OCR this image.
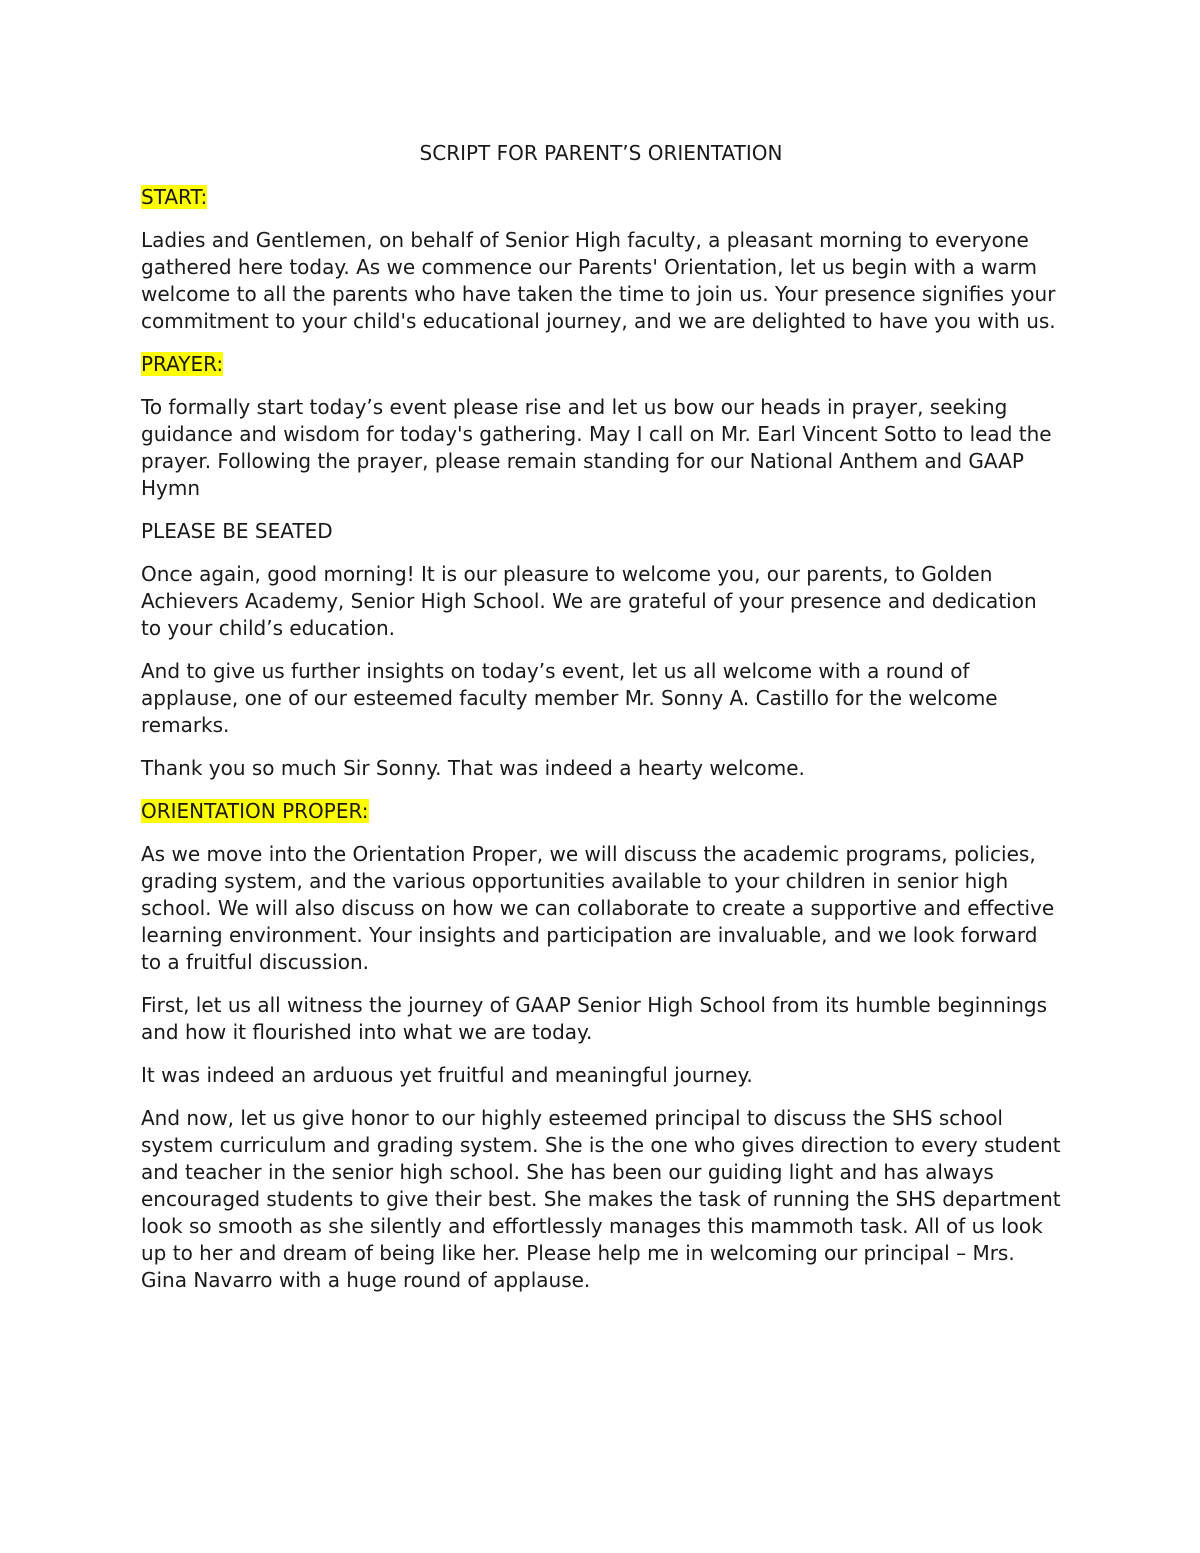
SCRIPT FOR PARENT’S ORIENTATION
START:

Ladies and Gentlemen, on behalf of Senior High faculty, a pleasant morning to everyone gathered here today. As we commence our Parents' Orientation, let us begin with a warm welcome to all the parents who have taken the time to join us. Your presence signifies your commitment to your child's educational journey, and we are delighted to have you with us.

PRAYER:

To formally start today’s event please rise and let us bow our heads in prayer, seeking guidance and wisdom for today's gathering. May I call on Mr. Earl Vincent Sotto to lead the prayer. Following the prayer, please remain standing for our National Anthem and GAAP Hymn

PLEASE BE SEATED

Once again, good morning! It is our pleasure to welcome you, our parents, to Golden Achievers Academy, Senior High School. We are grateful of your presence and dedication to your child’s education.

And to give us further insights on today’s event, let us all welcome with a round of applause, one of our esteemed faculty member Mr. Sonny A. Castillo for the welcome remarks.

Thank you so much Sir Sonny. That was indeed a hearty welcome.

ORIENTATION PROPER:

As we move into the Orientation Proper, we will discuss the academic programs, policies, grading system, and the various opportunities available to your children in senior high school. We will also discuss on how we can collaborate to create a supportive and effective learning environment. Your insights and participation are invaluable, and we look forward to a fruitful discussion.

First, let us all witness the journey of GAAP Senior High School from its humble beginnings and how it flourished into what we are today.

It was indeed an arduous yet fruitful and meaningful journey.

And now, let us give honor to our highly esteemed principal to discuss the SHS school system curriculum and grading system. She is the one who gives direction to every student and teacher in the senior high school. She has been our guiding light and has always encouraged students to give their best. She makes the task of running the SHS department look so smooth as she silently and effortlessly manages this mammoth task. All of us look up to her and dream of being like her. Please help me in welcoming our principal – Mrs. Gina Navarro with a huge round of applause.
